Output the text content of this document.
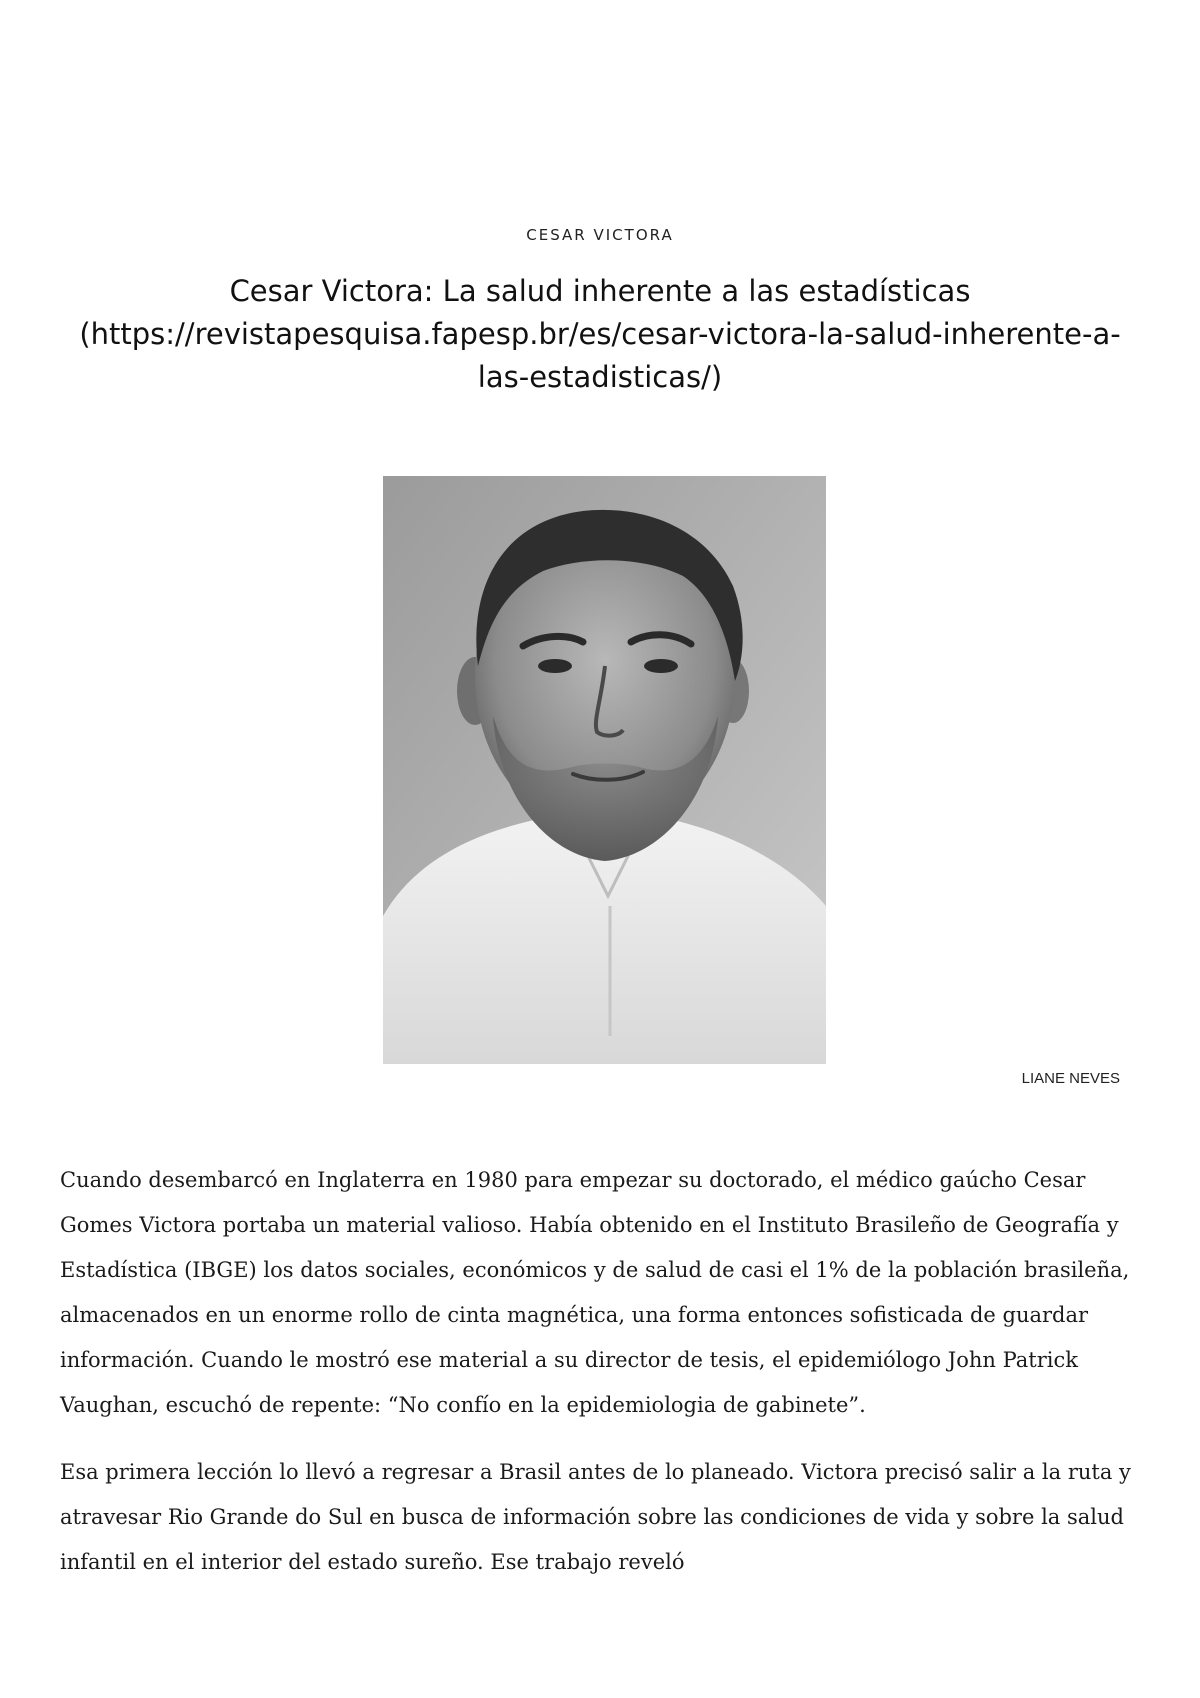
CESAR VICTORA
Cesar Victora: La salud inherente a las estadísticas (https://revistapesquisa.fapesp.br/es/cesar-victora-la-salud-inherente-a-las-estadisticas/)
LIANE NEVES

Cuando desembarcó en Inglaterra en 1980 para empezar su doctorado, el médico gaúcho Cesar Gomes Victora portaba un material valioso. Había obtenido en el Instituto Brasileño de Geografía y Estadística (IBGE) los datos sociales, económicos y de salud de casi el 1% de la población brasileña, almacenados en un enorme rollo de cinta magnética, una forma entonces sofisticada de guardar información. Cuando le mostró ese material a su director de tesis, el epidemiólogo John Patrick Vaughan, escuchó de repente: “No confío en la epidemiologia de gabinete”.

Esa primera lección lo llevó a regresar a Brasil antes de lo planeado. Victora precisó salir a la ruta y atravesar Rio Grande do Sul en busca de información sobre las condiciones de vida y sobre la salud infantil en el interior del estado sureño. Ese trabajo reveló
